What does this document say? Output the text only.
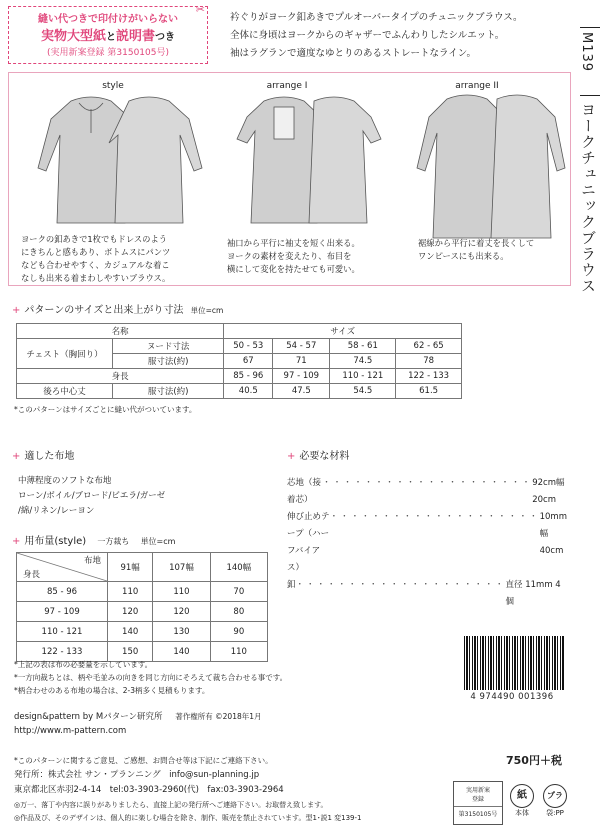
縫い代つきで印付けがいらない
実物大型紙と説明書つき
(実用新案登録 第3150105号)
✂
衿ぐりがヨーク釦あきでプルオーバータイプのチュニックブラウス。
全体に身頃はヨークからのギャザーでふんわりしたシルエット。
袖はラグランで適度なゆとりのあるストレートなライン。	M139
ヨークチュニックブラウス
style	arrange I	arrange II
ヨークの釦あきで1枚でもドレスのよう
にきちんと感もあり、ボトムスにパンツ
なども合わせやすく、カジュアルな着こ
なしも出来る着まわしやすいブラウス。
袖口から平行に袖丈を短く出来る。
ヨークの素材を変えたり、布目を
横にして変化を持たせても可愛い。
裾線から平行に着丈を長くして
ワンピースにも出来る。
+ パターンのサイズと出来上がり寸法 単位=cm
名称		サイズ			
チェスト（胸回り）	ヌード寸法	50 - 53	54 - 57	58 - 61	62 - 65
	服寸法(約)	67	71	74.5	78
身長		85 - 96	97 - 109	110 - 121	122 - 133
後ろ中心丈	服寸法(約)	40.5	47.5	54.5	61.5
*このパターンはサイズごとに縫い代がついています。
+ 適した布地
中薄程度のソフトな布地
ローン/ボイル/ブロード/ビエラ/ガーゼ
/綿/リネン/レーヨン
+ 必要な材料
芯地（接着芯）
・・・・・・・・・・・・・・・・・・・・ 92cm幅 20cm
伸び止めテープ（ハーフバイアス）
・・・・・・・・・・・・・・・・・・・・ 10mm幅 40cm
釦 ・・・・・・・・・・・・・・・・・・・・ 直径 11mm 4個
+ 用布量(style) 一方裁ち 単位=cm
布地
身長	91幅	107幅	140幅
85 - 96	110	110	70
97 - 109	120	120	80
110 - 121	140	130	90
122 - 133	150	140	110
*上記の表は布の必要量を示しています。
*一方向裁ちとは、柄や毛並みの向きを同じ方向にそろえて裁ち合わせる事です。
*柄合わせのある布地の場合は、2-3柄多く見積もります。
4 974490 001396
design&pattern by Mパターン研究所 著作権所有 ©2018年1月
http://www.m-pattern.com
*このパターンに関するご意見、ご感想、お問合せ等は下記にご連絡下さい。
発行所：株式会社 サン・プランニング　info@sun-planning.jp
東京都北区赤羽2-4-14　tel:03-3903-2960(代)　fax:03-3903-2964
◎万一、落丁や内容に誤りがありましたら、直接上記の発行所へご連絡下さい。お取替え致します。
◎作品及び、そのデザインは、個人的に楽しむ場合を除き、制作、販売を禁止されています。型1･説1 変139-1
750円＋税
実用新案
登録
第3150105号
紙
本体
プラ
袋:PP
